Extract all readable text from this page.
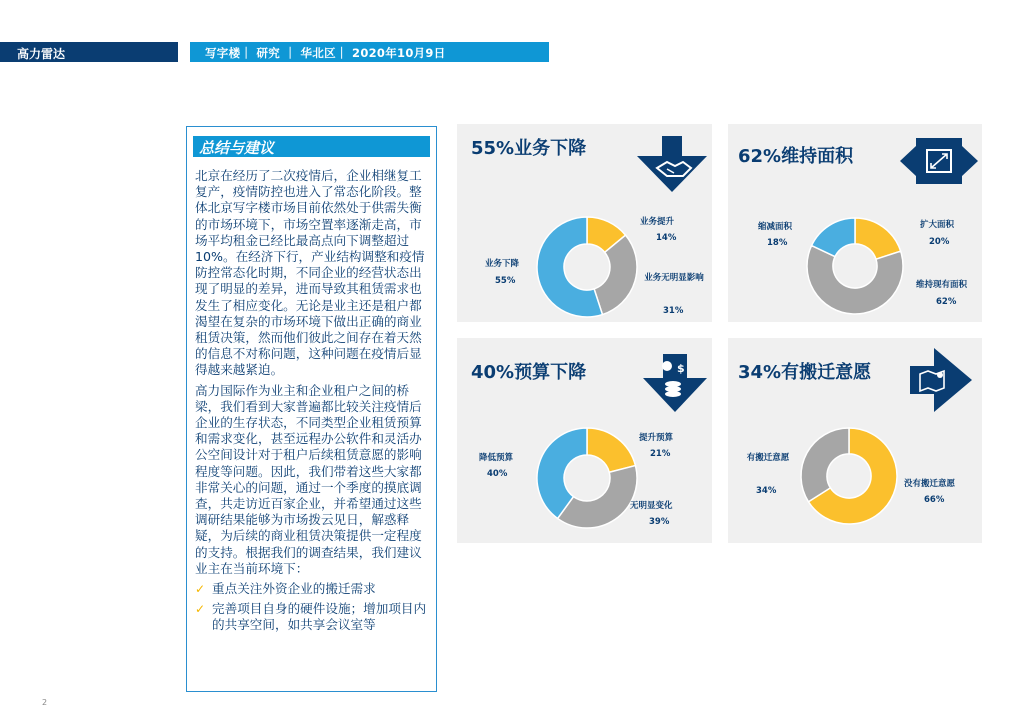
高力雷达	写字楼｜ 研究 ｜ 华北区｜ 2020年10月9日
总结与建议

北京在经历了二次疫情后，企业相继复工复产，疫情防控也进入了常态化阶段。整体北京写字楼市场目前依然处于供需失衡的市场环境下，市场空置率逐渐走高，市场平均租金已经比最高点向下调整超过10%。在经济下行，产业结构调整和疫情防控常态化时期，不同企业的经营状态出现了明显的差异，进而导致其租赁需求也发生了相应变化。无论是业主还是租户都渴望在复杂的市场环境下做出正确的商业租赁决策，然而他们彼此之间存在着天然的信息不对称问题，这种问题在疫情后显得越来越紧迫。

高力国际作为业主和企业租户之间的桥梁，我们看到大家普遍都比较关注疫情后企业的生存状态，不同类型企业租赁预算和需求变化，甚至远程办公软件和灵活办公空间设计对于租户后续租赁意愿的影响程度等问题。因此，我们带着这些大家都非常关心的问题，通过一个季度的摸底调查，共走访近百家企业，并希望通过这些调研结果能够为市场拨云见日，解惑释疑，为后续的商业租赁决策提供一定程度的支持。根据我们的调查结果，我们建议业主在当前环境下：

✓ 重点关注外资企业的搬迁需求
✓ 完善项目自身的硬件设施；增加项目内的共享空间，如共享会议室等
55%业务下降
业务提升
14%
业务无明显影响
31%
业务下降
55%
62%维持面积
缩减面积
18%
扩大面积
20%
维持现有面积
62%
40%预算下降	$
提升预算
21%
降低预算
40%
无明显变化
39%
34%有搬迁意愿
有搬迁意愿
34%
没有搬迁意愿
66%
2
